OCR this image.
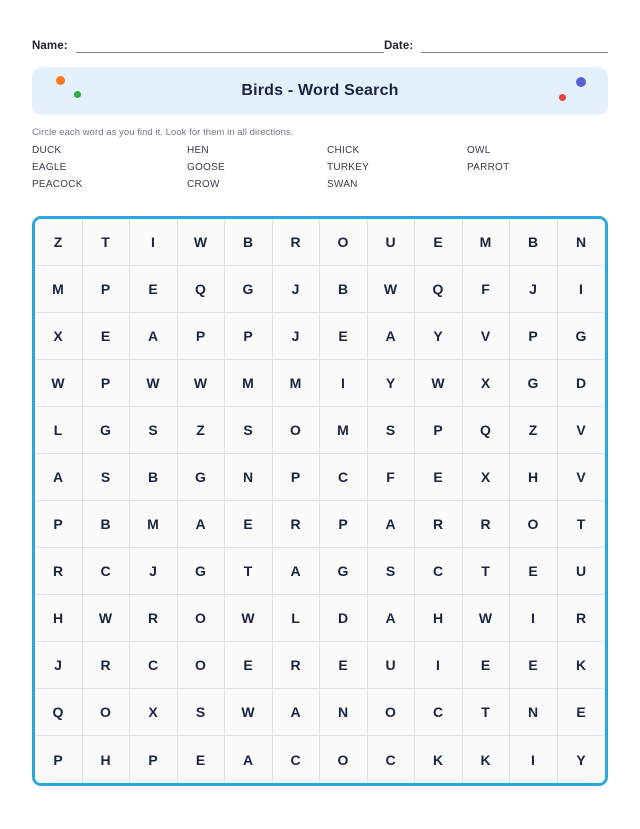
Name:	Date:
Birds - Word Search
Circle each word as you find it. Look for them in all directions.
DUCK	HEN	CHICK	OWL
EAGLE	GOOSE	TURKEY	PARROT
PEACOCK	CROW	SWAN
Z	T	I	W	B	R	O	U	E	M	B	N
M	P	E	Q	G	J	B	W	Q	F	J	I
X	E	A	P	P	J	E	A	Y	V	P	G
W	P	W	W	M	M	I	Y	W	X	G	D
L	G	S	Z	S	O	M	S	P	Q	Z	V
A	S	B	G	N	P	C	F	E	X	H	V
P	B	M	A	E	R	P	A	R	R	O	T
R	C	J	G	T	A	G	S	C	T	E	U
H	W	R	O	W	L	D	A	H	W	I	R
J	R	C	O	E	R	E	U	I	E	E	K
Q	O	X	S	W	A	N	O	C	T	N	E
P	H	P	E	A	C	O	C	K	K	I	Y
